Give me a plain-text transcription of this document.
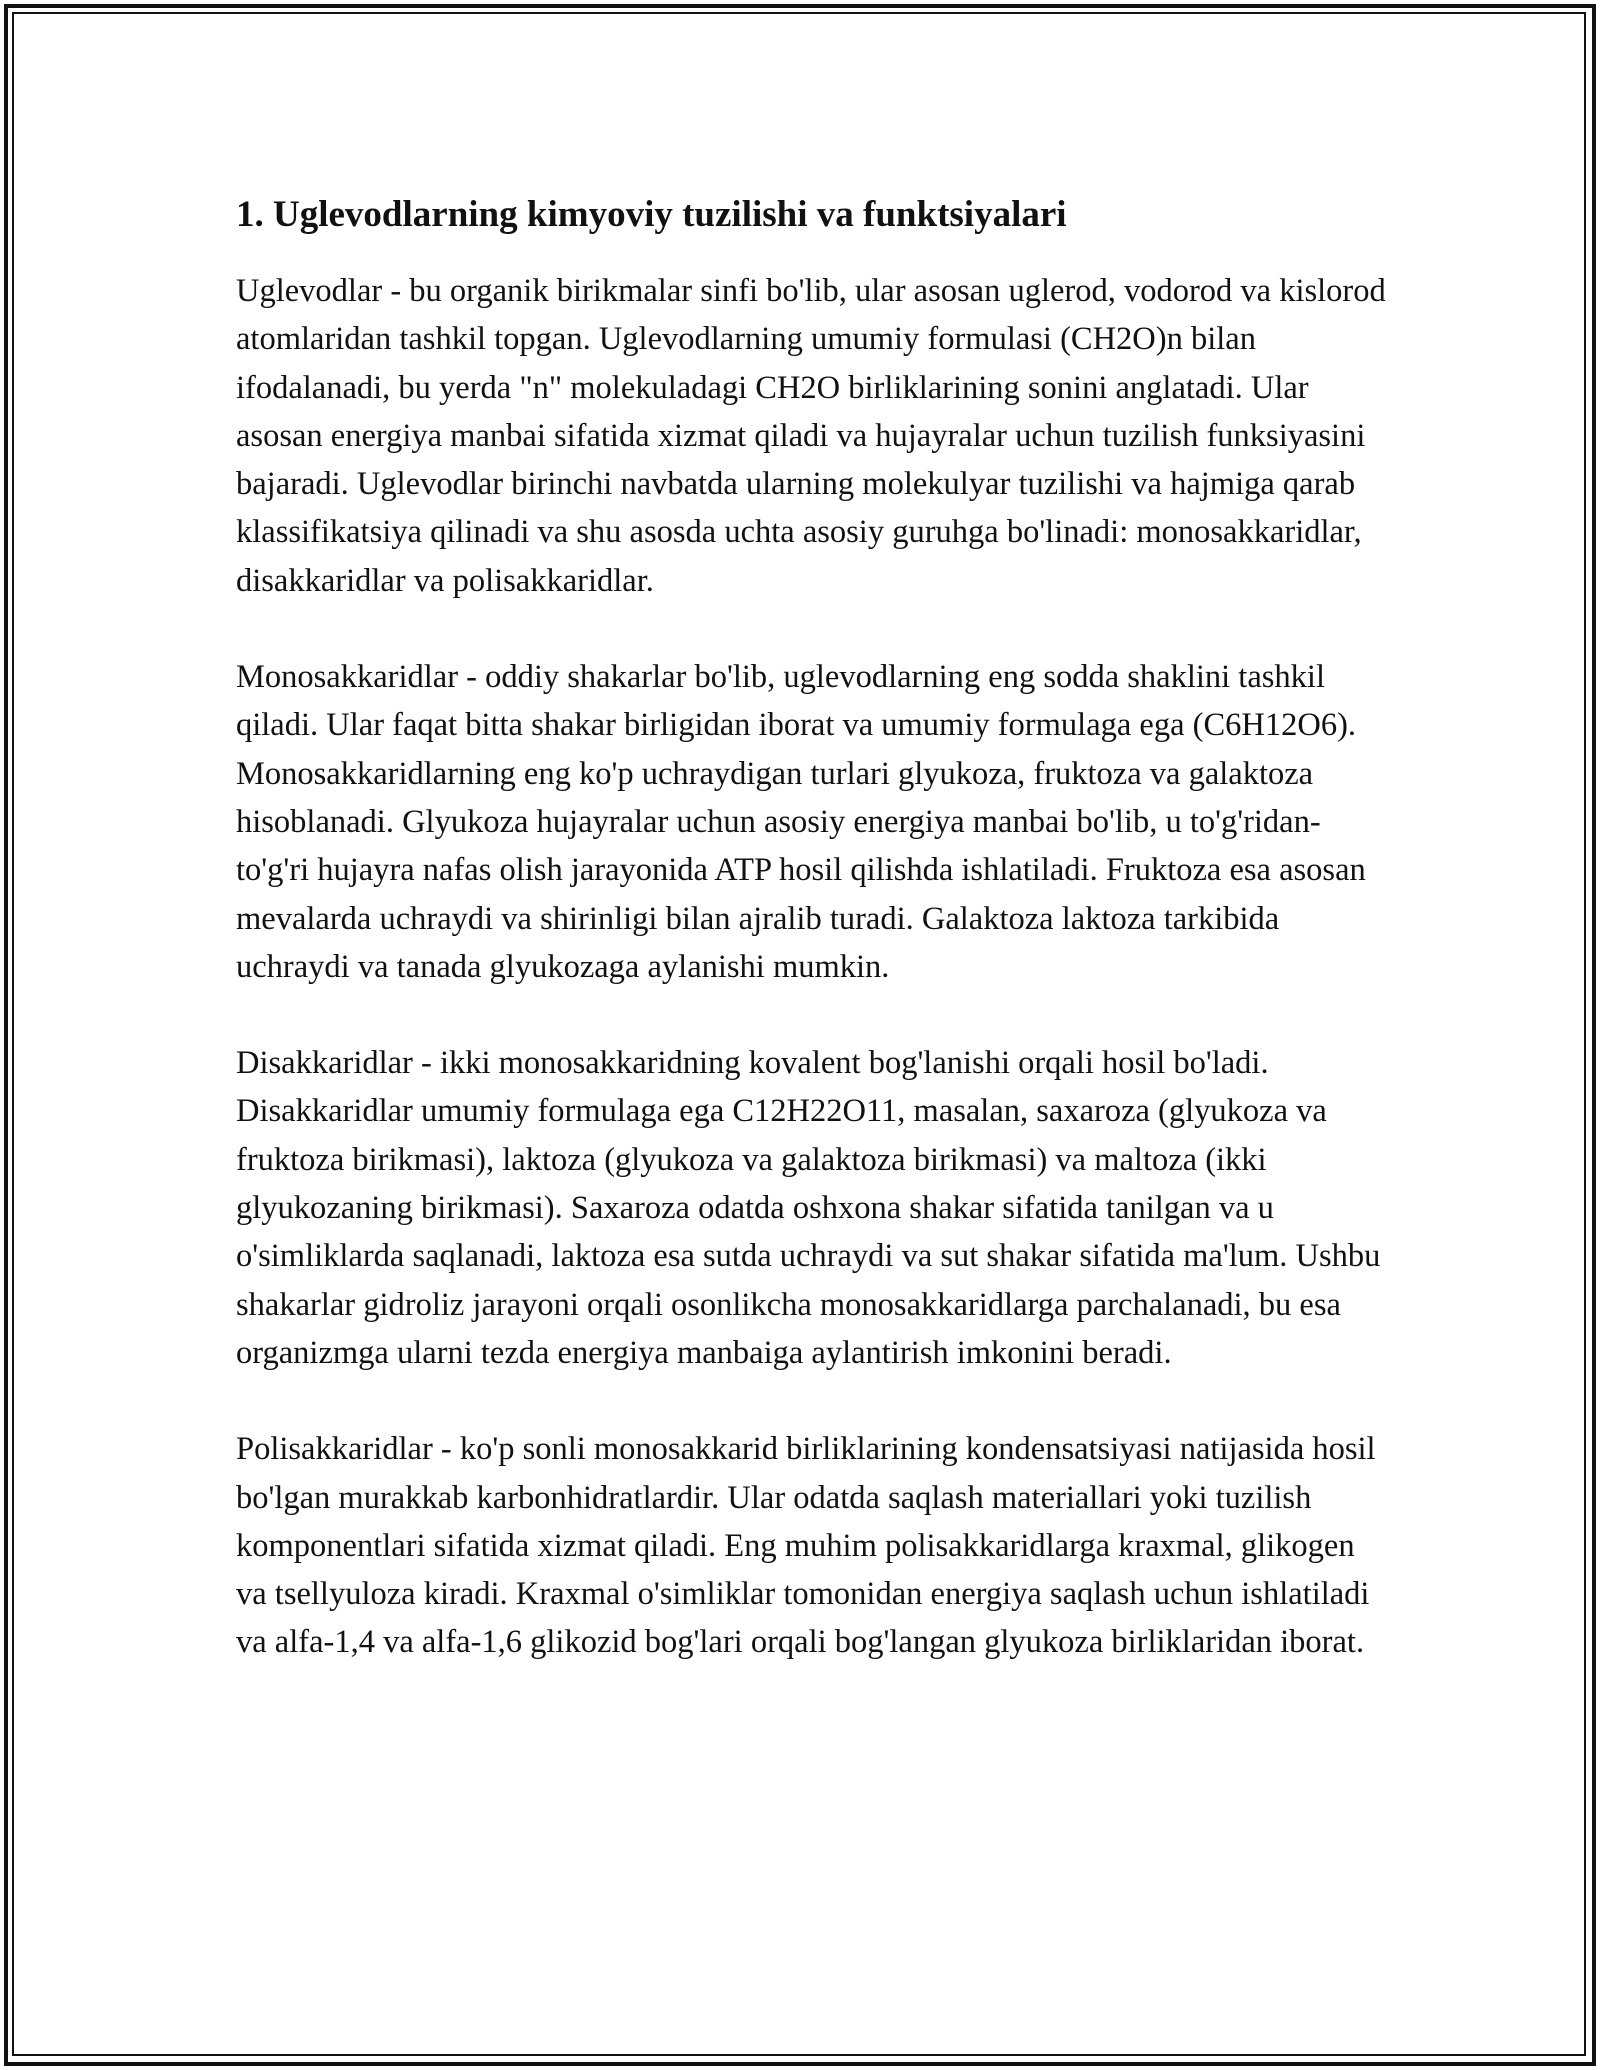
1. Uglevodlarning kimyoviy tuzilishi va funktsiyalari

Uglevodlar - bu organik birikmalar sinfi bo'lib, ular asosan uglerod, vodorod va kislorod atomlaridan tashkil topgan. Uglevodlarning umumiy formulasi (CH2O)n bilan ifodalanadi, bu yerda "n" molekuladagi CH2O birliklarining sonini anglatadi. Ular asosan energiya manbai sifatida xizmat qiladi va hujayralar uchun tuzilish funksiyasini bajaradi. Uglevodlar birinchi navbatda ularning molekulyar tuzilishi va hajmiga qarab klassifikatsiya qilinadi va shu asosda uchta asosiy guruhga bo'linadi: monosakkaridlar, disakkaridlar va polisakkaridlar.

Monosakkaridlar - oddiy shakarlar bo'lib, uglevodlarning eng sodda shaklini tashkil qiladi. Ular faqat bitta shakar birligidan iborat va umumiy formulaga ega (C6H12O6). Monosakkaridlarning eng ko'p uchraydigan turlari glyukoza, fruktoza va galaktoza hisoblanadi. Glyukoza hujayralar uchun asosiy energiya manbai bo'lib, u to'g'ridan-to'g'ri hujayra nafas olish jarayonida ATP hosil qilishda ishlatiladi. Fruktoza esa asosan mevalarda uchraydi va shirinligi bilan ajralib turadi. Galaktoza laktoza tarkibida uchraydi va tanada glyukozaga aylanishi mumkin.

Disakkaridlar - ikki monosakkaridning kovalent bog'lanishi orqali hosil bo'ladi. Disakkaridlar umumiy formulaga ega C12H22O11, masalan, saxaroza (glyukoza va fruktoza birikmasi), laktoza (glyukoza va galaktoza birikmasi) va maltoza (ikki glyukozaning birikmasi). Saxaroza odatda oshxona shakar sifatida tanilgan va u o'simliklarda saqlanadi, laktoza esa sutda uchraydi va sut shakar sifatida ma'lum. Ushbu shakarlar gidroliz jarayoni orqali osonlikcha monosakkaridlarga parchalanadi, bu esa organizmga ularni tezda energiya manbaiga aylantirish imkonini beradi.

Polisakkaridlar - ko'p sonli monosakkarid birliklarining kondensatsiyasi natijasida hosil bo'lgan murakkab karbonhidratlardir. Ular odatda saqlash materiallari yoki tuzilish komponentlari sifatida xizmat qiladi. Eng muhim polisakkaridlarga kraxmal, glikogen va tsellyuloza kiradi. Kraxmal o'simliklar tomonidan energiya saqlash uchun ishlatiladi va alfa-1,4 va alfa-1,6 glikozid bog'lari orqali bog'langan glyukoza birliklaridan iborat.
